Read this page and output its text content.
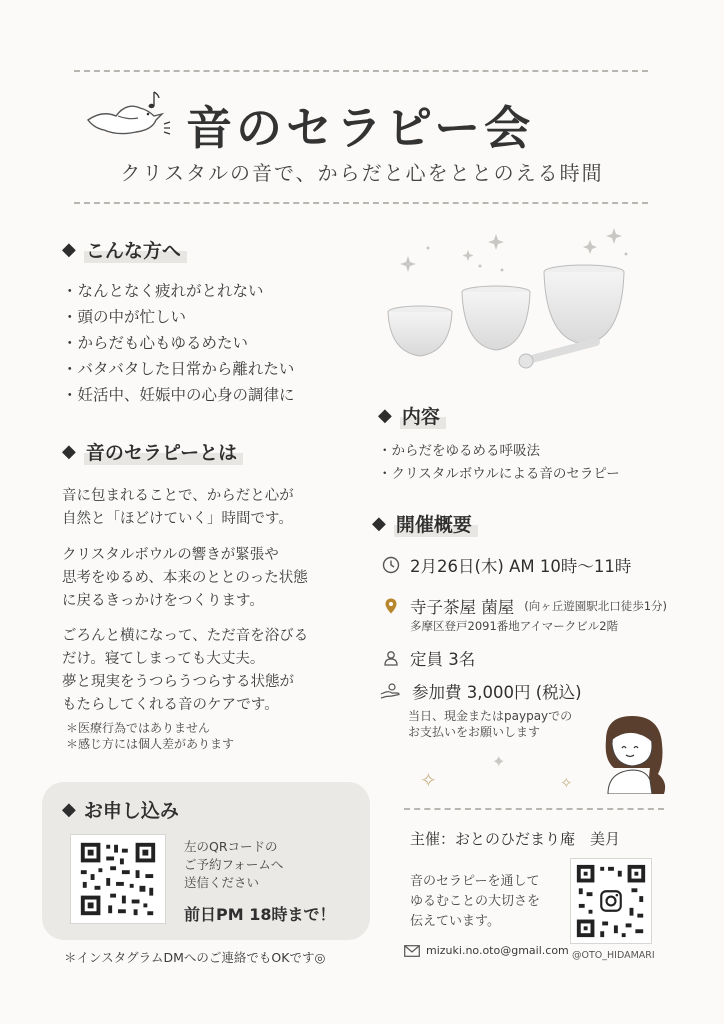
音のセラピー会
クリスタルの音で、からだと心をととのえる時間
◆ こんな方へ
・なんとなく疲れがとれない
・頭の中が忙しい
・からだも心もゆるめたい
・バタバタした日常から離れたい
・妊活中、妊娠中の心身の調律に
◆ 音のセラピーとは
音に包まれることで、からだと心が
自然と「ほどけていく」時間です。
クリスタルボウルの響きが緊張や
思考をゆるめ、本来のととのった状態
に戻るきっかけをつくります。
ごろんと横になって、ただ音を浴びる
だけ。寝てしまっても大丈夫。
夢と現実をうつらうつらする状態が
もたらしてくれる音のケアです。
＊医療行為ではありません
＊感じ方には個人差があります
◆ 内容
・からだをゆるめる呼吸法
・クリスタルボウルによる音のセラピー
◆ 開催概要
2月26日(木) AM 10時〜11時
寺子茶屋 菌屋 (向ヶ丘遊園駅北口徒歩1分)
多摩区登戸2091番地アイマークビル2階
定員 3名
参加費 3,000円 (税込)
当日、現金またはpaypayでの
お支払いをお願いします
✧
✦
✧
◆ お申し込み
左のQRコードの
ご予約フォームへ
送信ください
前日PM 18時まで！
＊インスタグラムDMへのご連絡でもOKです◎
主催：おとのひだまり庵　美月
音のセラピーを通して
ゆるむことの大切さを
伝えています。
mizuki.no.oto@gmail.com @OTO_HIDAMARI
